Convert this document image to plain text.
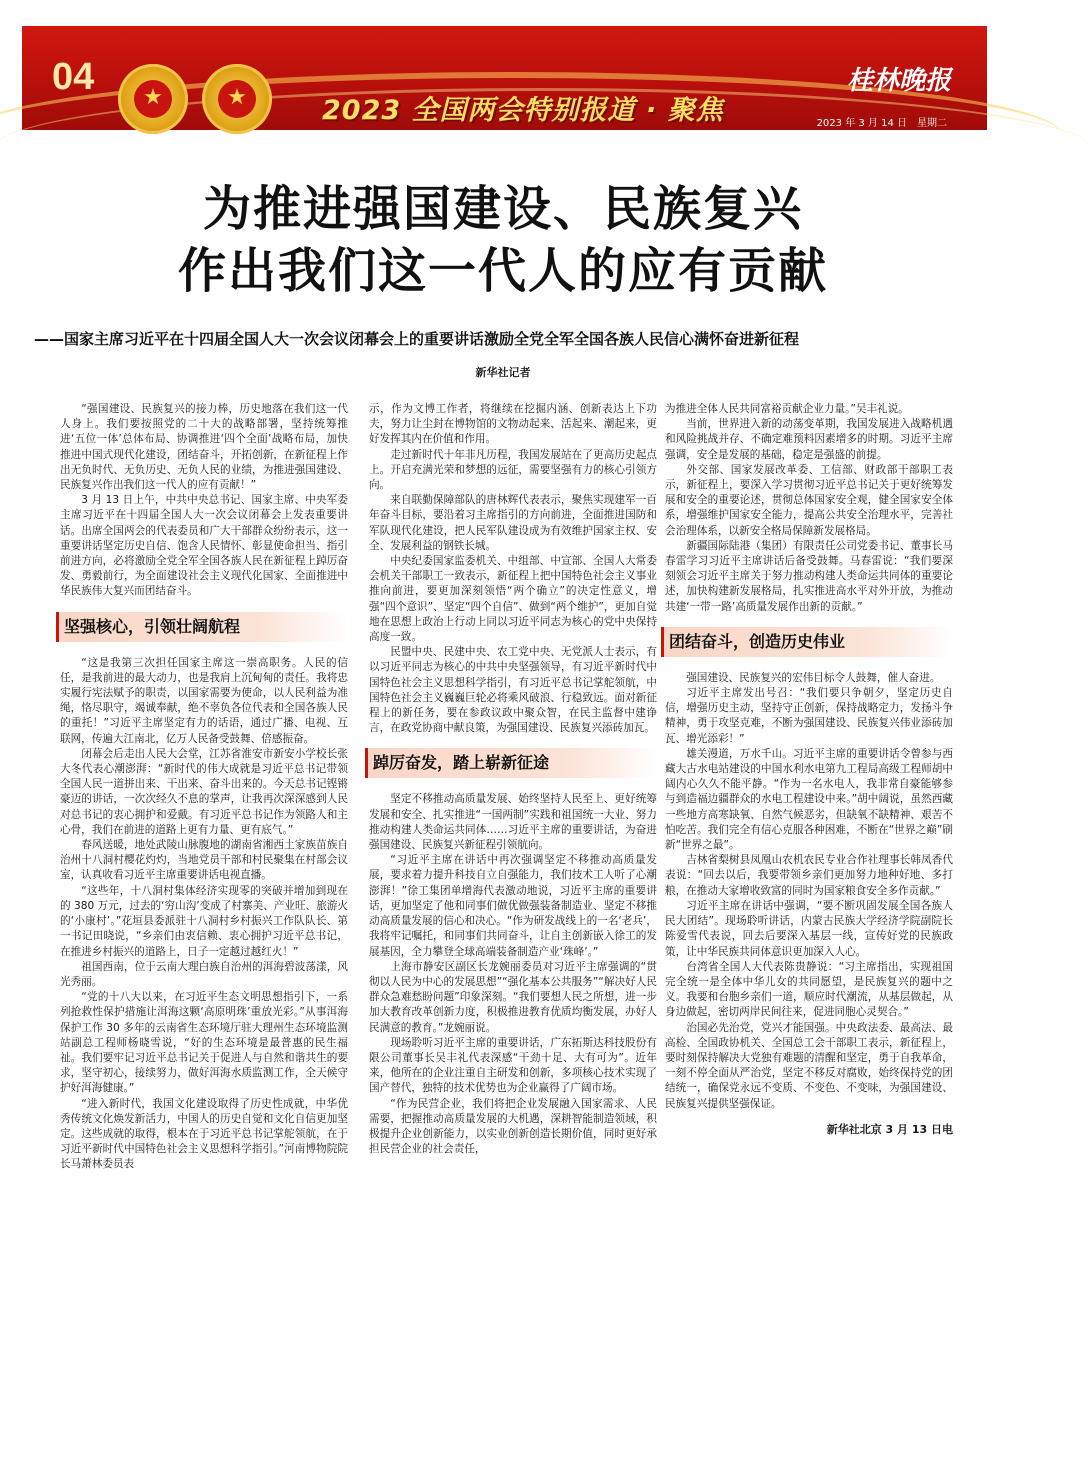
04	★	★	2023 全国两会特别报道 · 聚焦
桂林晚报
2023 年 3 月 14 日　星期二
编辑吴荣军/版式设计钟涛/校对莫明丽
为推进强国建设、民族复兴
作出我们这一代人的应有贡献
——国家主席习近平在十四届全国人大一次会议闭幕会上的重要讲话激励全党全军全国各族人民信心满怀奋进新征程
新华社记者

“强国建设、民族复兴的接力棒，历史地落在我们这一代人身上。我们要按照党的二十大的战略部署，坚持统筹推进‘五位一体’总体布局、协调推进‘四个全面’战略布局，加快推进中国式现代化建设，团结奋斗，开拓创新，在新征程上作出无负时代、无负历史、无负人民的业绩，为推进强国建设、民族复兴作出我们这一代人的应有贡献！”

3 月 13 日上午，中共中央总书记、国家主席、中央军委主席习近平在十四届全国人大一次会议闭幕会上发表重要讲话。出席全国两会的代表委员和广大干部群众纷纷表示，这一重要讲话坚定历史自信、饱含人民情怀、彰显使命担当、指引前进方向，必将激励全党全军全国各族人民在新征程上踔厉奋发、勇毅前行，为全面建设社会主义现代化国家、全面推进中华民族伟大复兴而团结奋斗。

坚强核心，引领壮阔航程

“这是我第三次担任国家主席这一崇高职务。人民的信任，是我前进的最大动力，也是我肩上沉甸甸的责任。我将忠实履行宪法赋予的职责，以国家需要为使命，以人民利益为准绳，恪尽职守，竭诚奉献，绝不辜负各位代表和全国各族人民的重托！”习近平主席坚定有力的话语，通过广播、电视、互联网，传遍大江南北，亿万人民备受鼓舞、倍感振奋。

闭幕会后走出人民大会堂，江苏省淮安市新安小学校长张大冬代表心潮澎湃：“新时代的伟大成就是习近平总书记带领全国人民一道拼出来、干出来、奋斗出来的。今天总书记铿锵豪迈的讲话，一次次经久不息的掌声，让我再次深深感到人民对总书记的衷心拥护和爱戴。有习近平总书记作为领路人和主心骨，我们在前进的道路上更有力量、更有底气。”

春风送暖，地处武陵山脉腹地的湖南省湘西土家族苗族自治州十八洞村樱花灼灼，当地党员干部和村民聚集在村部会议室，认真收看习近平主席重要讲话电视直播。

“这些年，十八洞村集体经济实现零的突破并增加到现在的 380 万元，过去的‘穷山沟’变成了村寨美、产业旺、旅游火的‘小康村’。”花垣县委派驻十八洞村乡村振兴工作队队长、第一书记田晓说，“乡亲们由衷信赖、衷心拥护习近平总书记，在推进乡村振兴的道路上，日子一定越过越红火！”

祖国西南，位于云南大理白族自治州的洱海碧波荡漾，风光秀丽。

“党的十八大以来，在习近平生态文明思想指引下，一系列抢救性保护措施让洱海这颗‘高原明珠’重放光彩。”从事洱海保护工作 30 多年的云南省生态环境厅驻大理州生态环境监测站副总工程师杨晓雪说，“好的生态环境是最普惠的民生福祉。我们要牢记习近平总书记关于促进人与自然和谐共生的要求，坚守初心，接续努力，做好洱海水质监测工作，全天候守护好洱海健康。”

“进入新时代，我国文化建设取得了历史性成就，中华优秀传统文化焕发新活力，中国人的历史自觉和文化自信更加坚定。这些成就的取得，根本在于习近平总书记掌舵领航，在于习近平新时代中国特色社会主义思想科学指引。”河南博物院院长马萧林委员表

示，作为文博工作者，将继续在挖掘内涵、创新表达上下功夫，努力让尘封在博物馆的文物动起来、活起来、潮起来，更好发挥其内在价值和作用。

走过新时代十年非凡历程，我国发展站在了更高历史起点上。开启充满光荣和梦想的远征，需要坚强有力的核心引领方向。

来自联勤保障部队的唐林辉代表表示，聚焦实现建军一百年奋斗目标，要沿着习主席指引的方向前进，全面推进国防和军队现代化建设，把人民军队建设成为有效维护国家主权、安全、发展利益的钢铁长城。

中央纪委国家监委机关、中组部、中宣部、全国人大常委会机关干部职工一致表示，新征程上把中国特色社会主义事业推向前进，要更加深刻领悟“两个确立”的决定性意义，增强“四个意识”、坚定“四个自信”、做到“两个维护”，更加自觉地在思想上政治上行动上同以习近平同志为核心的党中央保持高度一致。

民盟中央、民建中央、农工党中央、无党派人士表示，有以习近平同志为核心的中共中央坚强领导，有习近平新时代中国特色社会主义思想科学指引，有习近平总书记掌舵领航，中国特色社会主义巍巍巨轮必将乘风破浪、行稳致远。面对新征程上的新任务，要在参政议政中聚众智，在民主监督中建诤言，在政党协商中献良策，为强国建设、民族复兴添砖加瓦。

踔厉奋发，踏上崭新征途

坚定不移推动高质量发展、始终坚持人民至上、更好统筹发展和安全、扎实推进“一国两制”实践和祖国统一大业、努力推动构建人类命运共同体……习近平主席的重要讲话，为奋进强国建设、民族复兴新征程引领航向。

“习近平主席在讲话中再次强调坚定不移推动高质量发展，要求着力提升科技自立自强能力，我们技术工人听了心潮澎湃！”徐工集团单增海代表激动地说，习近平主席的重要讲话，更加坚定了他和同事们做优做强装备制造业、坚定不移推动高质量发展的信心和决心。“作为研发战线上的一名‘老兵’，我将牢记嘱托，和同事们共同奋斗，让自主创新嵌入徐工的发展基因，全力攀登全球高端装备制造产业‘珠峰’。”

上海市静安区副区长龙婉丽委员对习近平主席强调的“贯彻以人民为中心的发展思想”“强化基本公共服务”“解决好人民群众急难愁盼问题”印象深刻。“我们要想人民之所想，进一步加大教育改革创新力度，积极推进教育优质均衡发展，办好人民满意的教育。”龙婉丽说。

现场聆听习近平主席的重要讲话，广东拓斯达科技股份有限公司董事长吴丰礼代表深感“干劲十足、大有可为”。近年来，他所在的企业注重自主研发和创新，多项核心技术实现了国产替代，独特的技术优势也为企业赢得了广阔市场。

“作为民营企业，我们将把企业发展融入国家需求、人民需要，把握推动高质量发展的大机遇，深耕智能制造领域，积极提升企业创新能力，以实业创新创造长期价值，同时更好承担民营企业的社会责任，

为推进全体人民共同富裕贡献企业力量。”吴丰礼说。

当前，世界进入新的动荡变革期，我国发展进入战略机遇和风险挑战并存、不确定难预料因素增多的时期。习近平主席强调，安全是发展的基础，稳定是强盛的前提。

外交部、国家发展改革委、工信部、财政部干部职工表示，新征程上，要深入学习贯彻习近平总书记关于更好统筹发展和安全的重要论述，贯彻总体国家安全观，健全国家安全体系，增强维护国家安全能力，提高公共安全治理水平，完善社会治理体系，以新安全格局保障新发展格局。

新疆国际陆港（集团）有限责任公司党委书记、董事长马春雷学习习近平主席讲话后备受鼓舞。马春雷说：“我们要深刻领会习近平主席关于努力推动构建人类命运共同体的重要论述，加快构建新发展格局，扎实推进高水平对外开放，为推动共建‘一带一路’高质量发展作出新的贡献。”

团结奋斗，创造历史伟业

强国建设、民族复兴的宏伟目标令人鼓舞，催人奋进。

习近平主席发出号召：“我们要只争朝夕，坚定历史自信，增强历史主动，坚持守正创新，保持战略定力，发扬斗争精神，勇于攻坚克难，不断为强国建设、民族复兴伟业添砖加瓦、增光添彩！”

雄关漫道，万水千山。习近平主席的重要讲话令曾参与西藏大古水电站建设的中国水利水电第九工程局高级工程师胡中阔内心久久不能平静。“作为一名水电人，我非常自豪能够参与到造福边疆群众的水电工程建设中来。”胡中阔说，虽然西藏一些地方高寒缺氧、自然气候恶劣，但缺氧不缺精神、艰苦不怕吃苦。我们完全有信心克服各种困难，不断在“世界之巅”刷新“世界之最”。

吉林省梨树县凤凰山农机农民专业合作社理事长韩凤香代表说：“回去以后，我要带领乡亲们更加努力地种好地、多打粮，在推动大家增收致富的同时为国家粮食安全多作贡献。”

习近平主席在讲话中强调，“要不断巩固发展全国各族人民大团结”。现场聆听讲话，内蒙古民族大学经济学院副院长陈爱雪代表说，回去后要深入基层一线，宣传好党的民族政策，让中华民族共同体意识更加深入人心。

台湾省全国人大代表陈贵静说：“习主席指出，实现祖国完全统一是全体中华儿女的共同愿望，是民族复兴的题中之义。我要和台胞乡亲们一道，顺应时代潮流，从基层做起，从身边做起，密切两岸民间往来，促进同胞心灵契合。”

治国必先治党，党兴才能国强。中央政法委、最高法、最高检、全国政协机关、全国总工会干部职工表示，新征程上，要时刻保持解决大党独有难题的清醒和坚定，勇于自我革命，一刻不停全面从严治党，坚定不移反对腐败，始终保持党的团结统一，确保党永远不变质、不变色、不变味，为强国建设、民族复兴提供坚强保证。

新华社北京 3 月 13 日电
